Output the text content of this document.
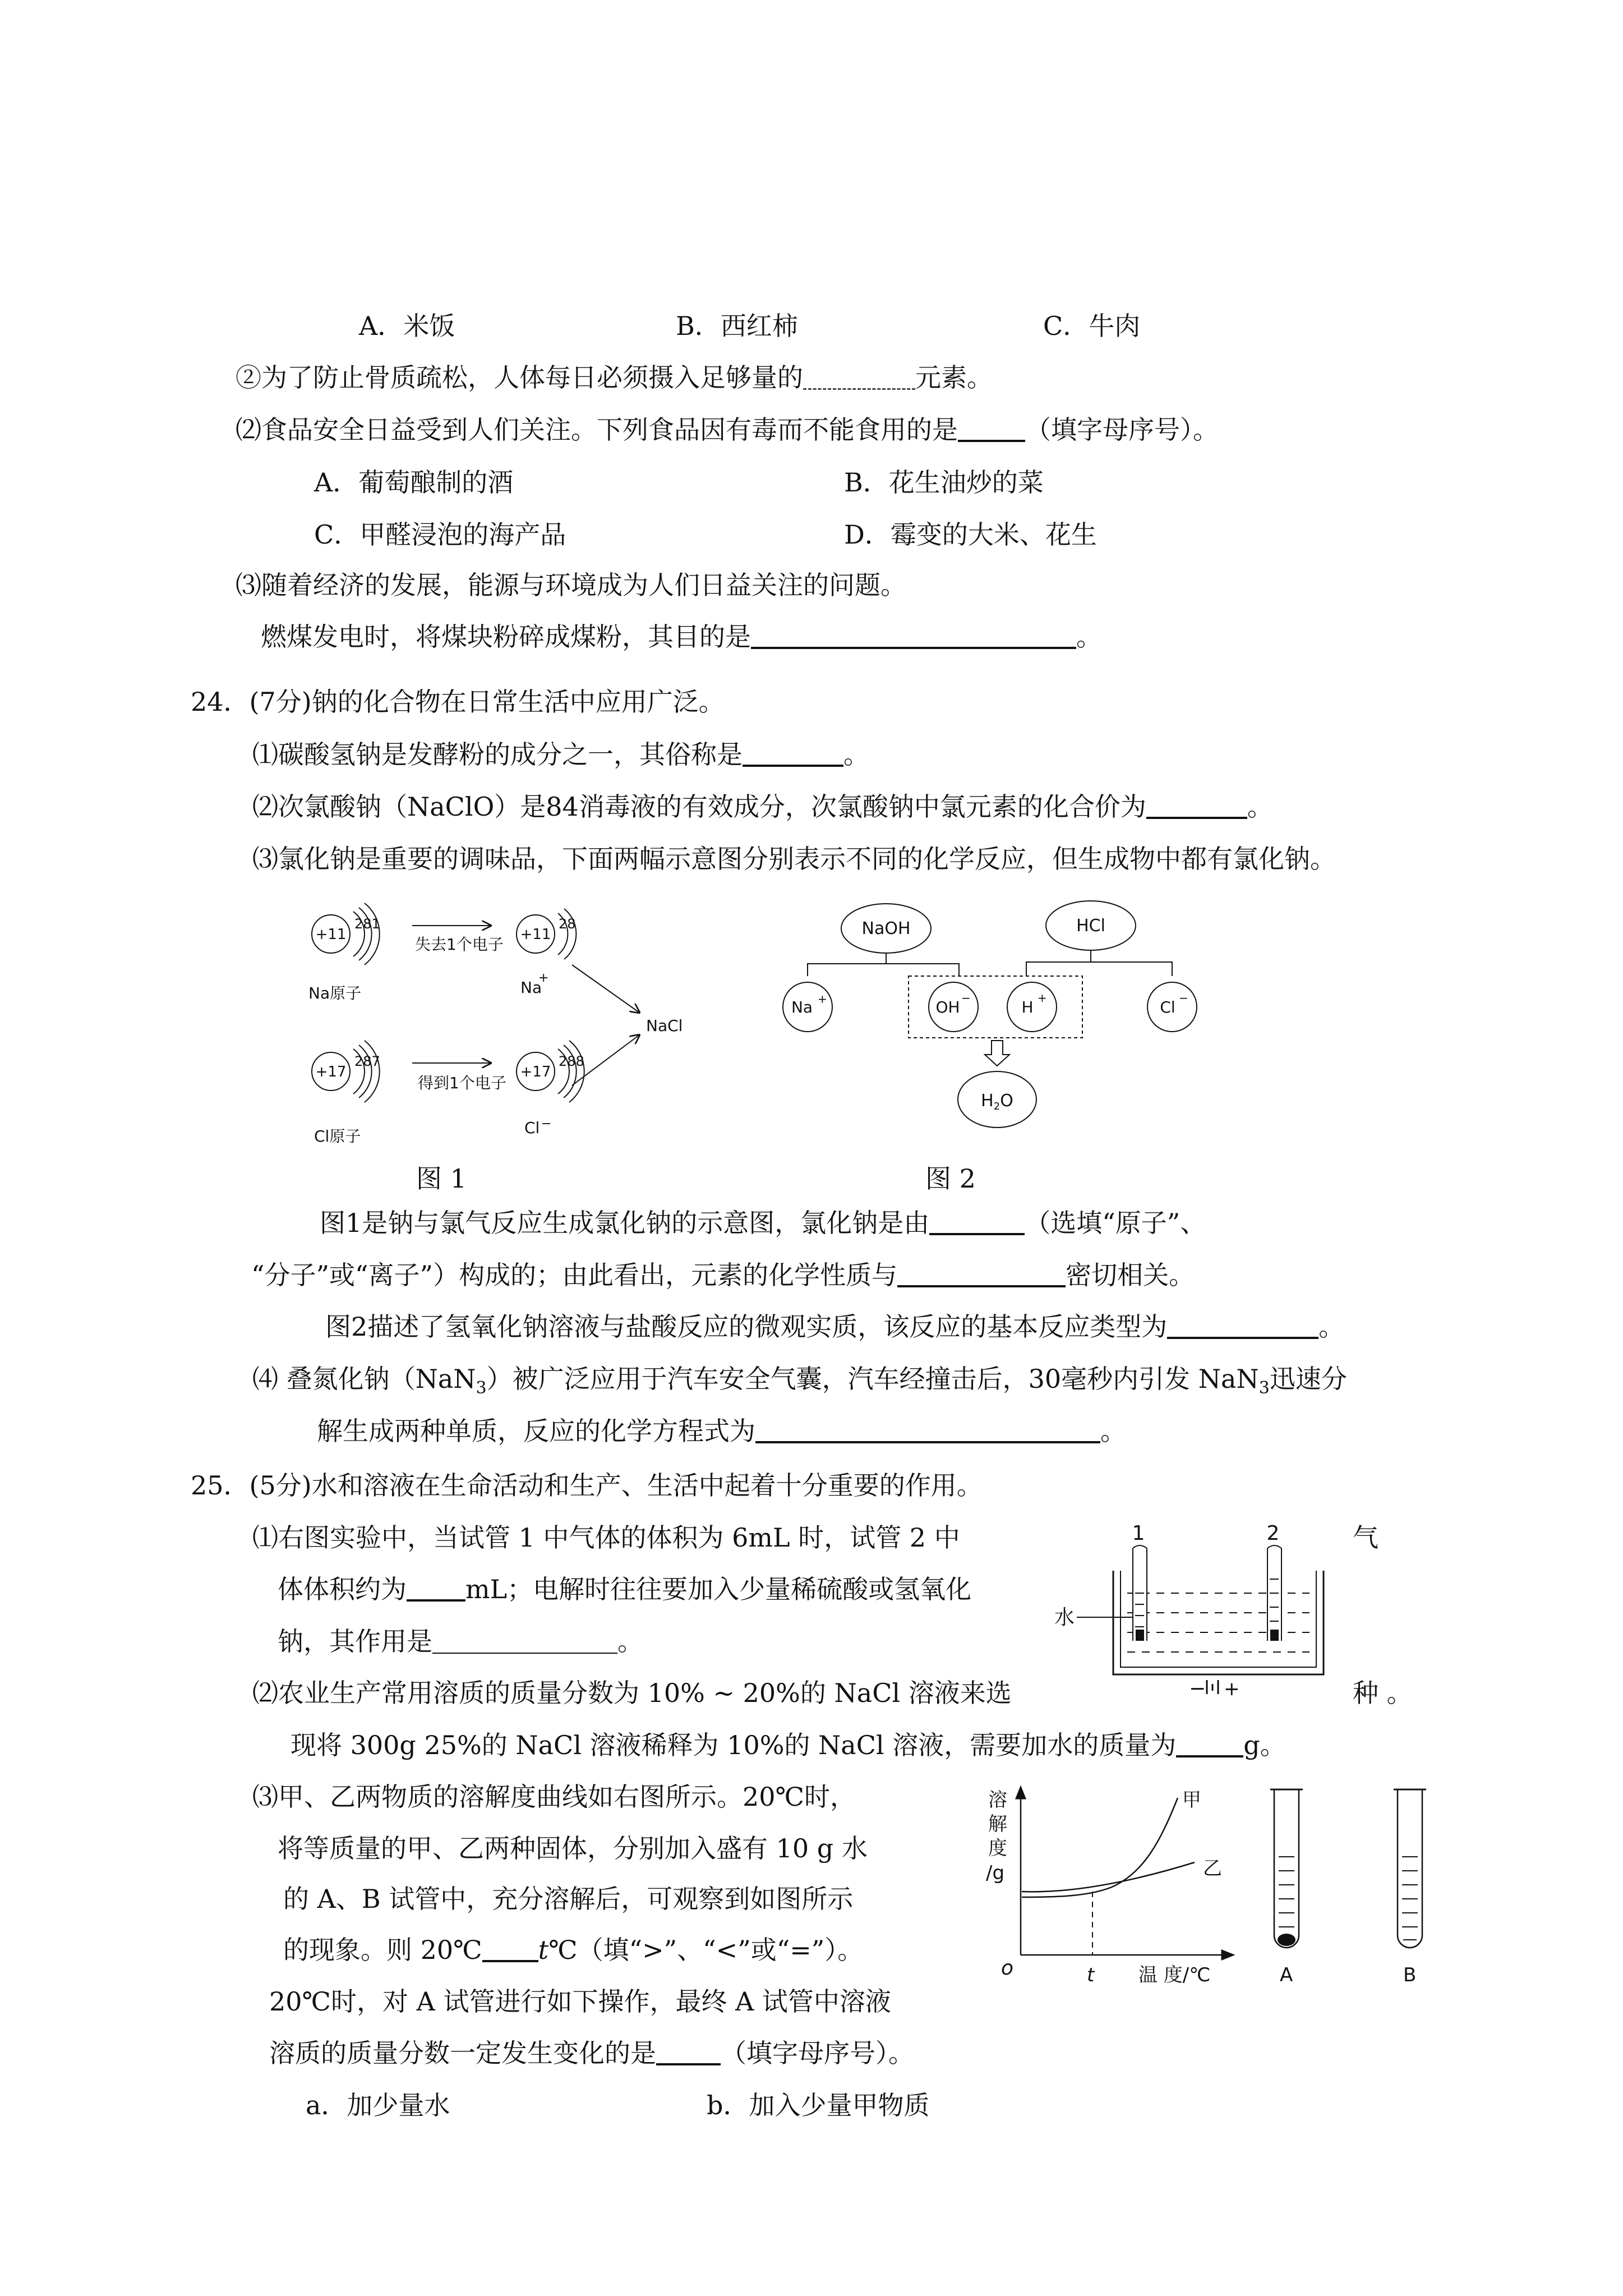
A．米饭	B．西红柿	C．牛肉
②为了防止骨质疏松，人体每日必须摄入足够量的	元素。
⑵食品安全日益受到人们关注。下列食品因有毒而不能食用的是	（填字母序号）。
A．葡萄酿制的酒	B．花生油炒的菜
C．甲醛浸泡的海产品	D．霉变的大米、花生
⑶随着经济的发展，能源与环境成为人们日益关注的问题。
燃煤发电时，将煤块粉碎成煤粉，其目的是	。
24．(7分)钠的化合物在日常生活中应用广泛。
⑴碳酸氢钠是发酵粉的成分之一，其俗称是	。
⑵次氯酸钠（NaClO）是84消毒液的有效成分，次氯酸钠中氯元素的化合价为	。
⑶氯化钠是重要的调味品，下面两幅示意图分别表示不同的化学反应，但生成物中都有氯化钠。
+11
281
Na原子
失去1个电子
+11
28
Na
+
NaCl
+17
287
Cl原子
得到1个电子
+17
288
Cl −
图 1
NaOH	HCl
Na +	OH −	H +	Cl −
$H_2O$
图 2
图1是钠与氯气反应生成氯化钠的示意图，氯化钠是由	（选填“原子”、
“分子”或“离子”）构成的；由此看出，元素的化学性质与	密切相关。
图2描述了氢氧化钠溶液与盐酸反应的微观实质，该反应的基本反应类型为	。
⑷ 叠氮化钠（NaN$_3$）被广泛应用于汽车安全气囊，汽车经撞击后，30毫秒内引发 NaN$_3$迅速分
解生成两种单质，反应的化学方程式为	。
25．(5分)水和溶液在生命活动和生产、生活中起着十分重要的作用。
⑴右图实验中，当试管 1 中气体的体积为 6mL 时，试管 2 中	气
体体积约为 mL；电解时往往要加入少量稀硫酸或氢氧化
钠，其作用是	。
1	2
水
− +
⑵农业生产常用溶质的质量分数为 10% ~ 20%的 NaCl 溶液来选	种 。
现将 300g 25%的 NaCl 溶液稀释为 10%的 NaCl 溶液，需要加水的质量为	g。
⑶甲、乙两物质的溶解度曲线如右图所示。20℃时，
将等质量的甲、乙两种固体，分别加入盛有 10 g 水
的 A、B 试管中，充分溶解后，可观察到如图所示
的现象。则 20℃ t℃（填“>”、“<”或“=”）。
20℃时，对 A 试管进行如下操作，最终 A 试管中溶液
溶质的质量分数一定发生变化的是	（填字母序号）。
a．加少量水	b．加入少量甲物质
溶
解
度
/g
o	t 温 度/℃
甲
乙
A	B
